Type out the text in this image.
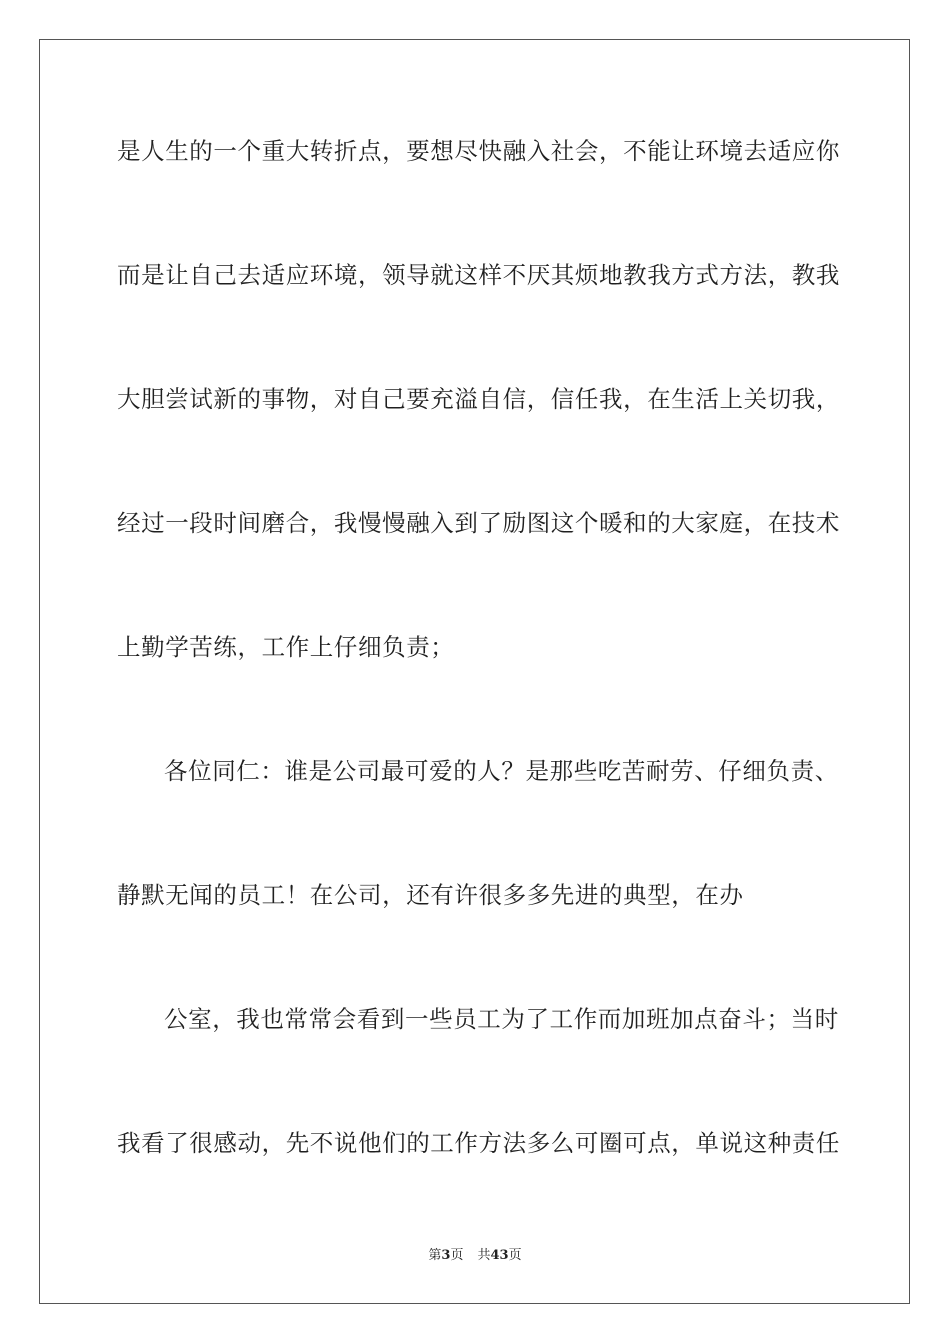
是人生的一个重大转折点，要想尽快融入社会，不能让环境去适应你
而是让自己去适应环境，领导就这样不厌其烦地教我方式方法，教我
大胆尝试新的事物，对自己要充溢自信，信任我，在生活上关切我，
经过一段时间磨合，我慢慢融入到了励图这个暖和的大家庭，在技术
上勤学苦练，工作上仔细负责；
各位同仁：谁是公司最可爱的人？是那些吃苦耐劳、仔细负责、
静默无闻的员工！在公司，还有许很多多先进的典型，在办
公室，我也常常会看到一些员工为了工作而加班加点奋斗；当时
我看了很感动，先不说他们的工作方法多么可圈可点，单说这种责任
第3页 共43页
